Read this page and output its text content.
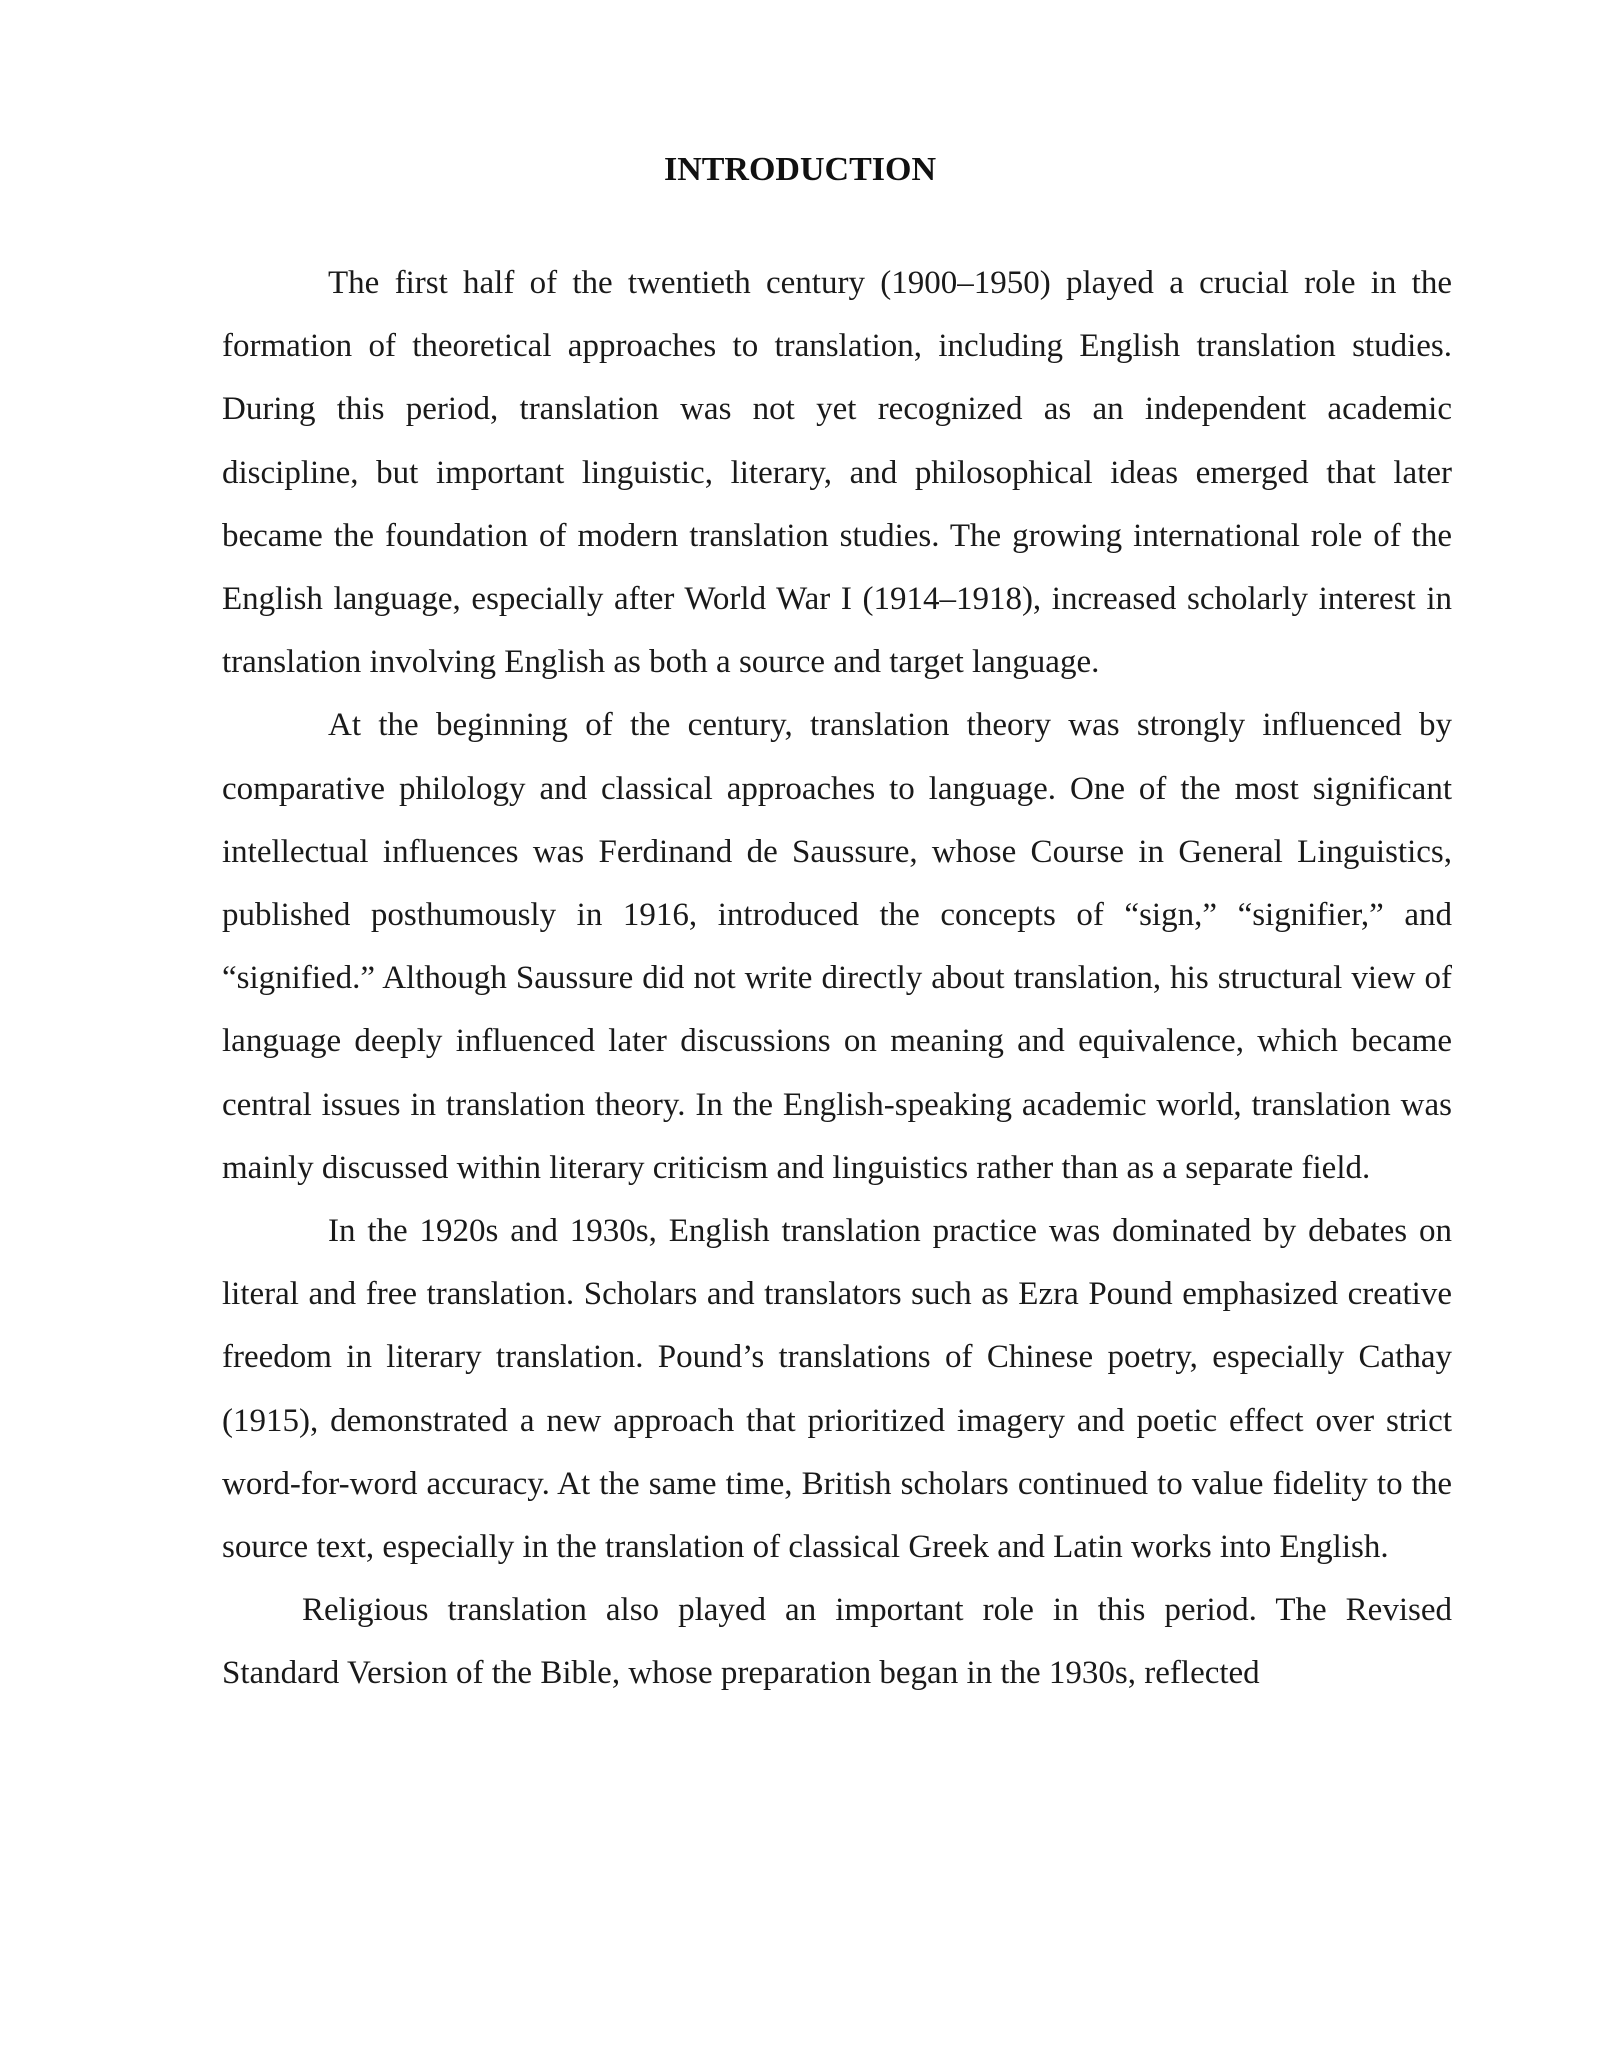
INTRODUCTION

The first half of the twentieth century (1900–1950) played a crucial role in the formation of theoretical approaches to translation, including English translation studies. During this period, translation was not yet recognized as an independent academic discipline, but important linguistic, literary, and philosophical ideas emerged that later became the foundation of modern translation studies. The growing international role of the English language, especially after World War I (1914–1918), increased scholarly interest in translation involving English as both a source and target language.

At the beginning of the century, translation theory was strongly influenced by comparative philology and classical approaches to language. One of the most significant intellectual influences was Ferdinand de Saussure, whose Course in General Linguistics, published posthumously in 1916, introduced the concepts of “sign,” “signifier,” and “signified.” Although Saussure did not write directly about translation, his structural view of language deeply influenced later discussions on meaning and equivalence, which became central issues in translation theory. In the English-speaking academic world, translation was mainly discussed within literary criticism and linguistics rather than as a separate field.

In the 1920s and 1930s, English translation practice was dominated by debates on literal and free translation. Scholars and translators such as Ezra Pound emphasized creative freedom in literary translation. Pound’s translations of Chinese poetry, especially Cathay (1915), demonstrated a new approach that prioritized imagery and poetic effect over strict word-for-word accuracy. At the same time, British scholars continued to value fidelity to the source text, especially in the translation of classical Greek and Latin works into English.

Religious translation also played an important role in this period. The Revised Standard Version of the Bible, whose preparation began in the 1930s, reflected
